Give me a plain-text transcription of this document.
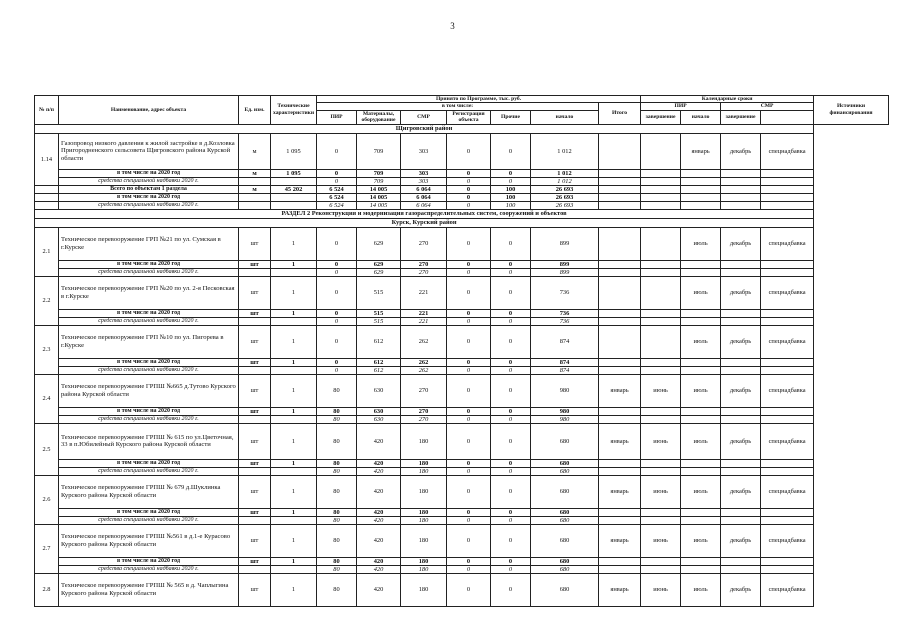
3
№ п/п	Наименование, адрес объекта	Ед. изм.	Технические характеристики	Принято по Программе, тыс. руб.							Календарные сроки				Источники финансирования
				в том числе:						Итого	ПИР		СМР		
				ПИР	Материалы, оборудование	СМР	Регистрация объекта	Прочие	начало		завершение	начало	завершение		

Щигровский район															
1.14	Газопровод низкого давления к жилой застройке в д.Козловка Пригородненского сельсовета Щигровского района Курской области	м	1 095	0	709	303	0	0	1 012			январь	декабрь	спецнадбавка	
	в том числе на 2020 год	м	1 095	0	709	303	0	0	1 012						
	средства специальной надбавки 2020 г.			0	709	303	0	0	1 012						
	Всего по объектам 1 раздела	м	45 202	6 524	14 005	6 064	0	100	26 693						
	в том числе на 2020 год			6 524	14 005	6 064	0	100	26 693						
	средства специальной надбавки 2020 г.			6 524	14 005	6 064	0	100	26 693						
РАЗДЕЛ 2 Реконструкция и модернизация газораспределительных систем, сооружений и объектов															
Курск, Курский район															
2.1	Техническое перевооружение ГРП №21 по ул. Сумская в г.Курске	шт	1	0	629	270	0	0	899			июль	декабрь	спецнадбавка	
	в том числе на 2020 год	шт	1	0	629	270	0	0	899						
	средства специальной надбавки 2020 г.			0	629	270	0	0	899						
2.2	Техническое перевооружение ГРП №20 по ул. 2-я Песковская в г.Курске	шт	1	0	515	221	0	0	736			июль	декабрь	спецнадбавка	
	в том числе на 2020 год	шт	1	0	515	221	0	0	736						
	средства специальной надбавки 2020 г.			0	515	221	0	0	736						
2.3	Техническое перевооружение ГРП №10 по ул. Пигорева в г.Курске	шт	1	0	612	262	0	0	874			июль	декабрь	спецнадбавка	
	в том числе на 2020 год	шт	1	0	612	262	0	0	874						
	средства специальной надбавки 2020 г.			0	612	262	0	0	874						
2.4	Техническое перевооружение ГРПШ №665 д.Тутово Курского района Курской области	шт	1	80	630	270	0	0	980	январь	июнь	июль	декабрь	спецнадбавка	
	в том числе на 2020 год	шт	1	80	630	270	0	0	980						
	средства специальной надбавки 2020 г.			80	630	270	0	0	980						
2.5	Техническое перевооружение ГРПШ № 615 по ул.Цветочная, 33 в п.Юбилейный Курского района Курской области	шт	1	80	420	180	0	0	680	январь	июнь	июль	декабрь	спецнадбавка	
	в том числе на 2020 год	шт	1	80	420	180	0	0	680						
	средства специальной надбавки 2020 г.			80	420	180	0	0	680						
2.6	Техническое перевооружение ГРПШ № 679 д.Шуклинка Курского района Курской области	шт	1	80	420	180	0	0	680	январь	июнь	июль	декабрь	спецнадбавка	
	в том числе на 2020 год	шт	1	80	420	180	0	0	680						
	средства специальной надбавки 2020 г.			80	420	180	0	0	680						
2.7	Техническое перевооружение ГРПШ №561 в д.1-е Курасово Курского района Курской области	шт	1	80	420	180	0	0	680	январь	июнь	июль	декабрь	спецнадбавка	
	в том числе на 2020 год	шт	1	80	420	180	0	0	680						
	средства специальной надбавки 2020 г.			80	420	180	0	0	680						
2.8	Техническое перевооружение ГРПШ № 565 в д. Чаплыгина Курского района Курской области	шт	1	80	420	180	0	0	680	январь	июнь	июль	декабрь	спецнадбавка	
